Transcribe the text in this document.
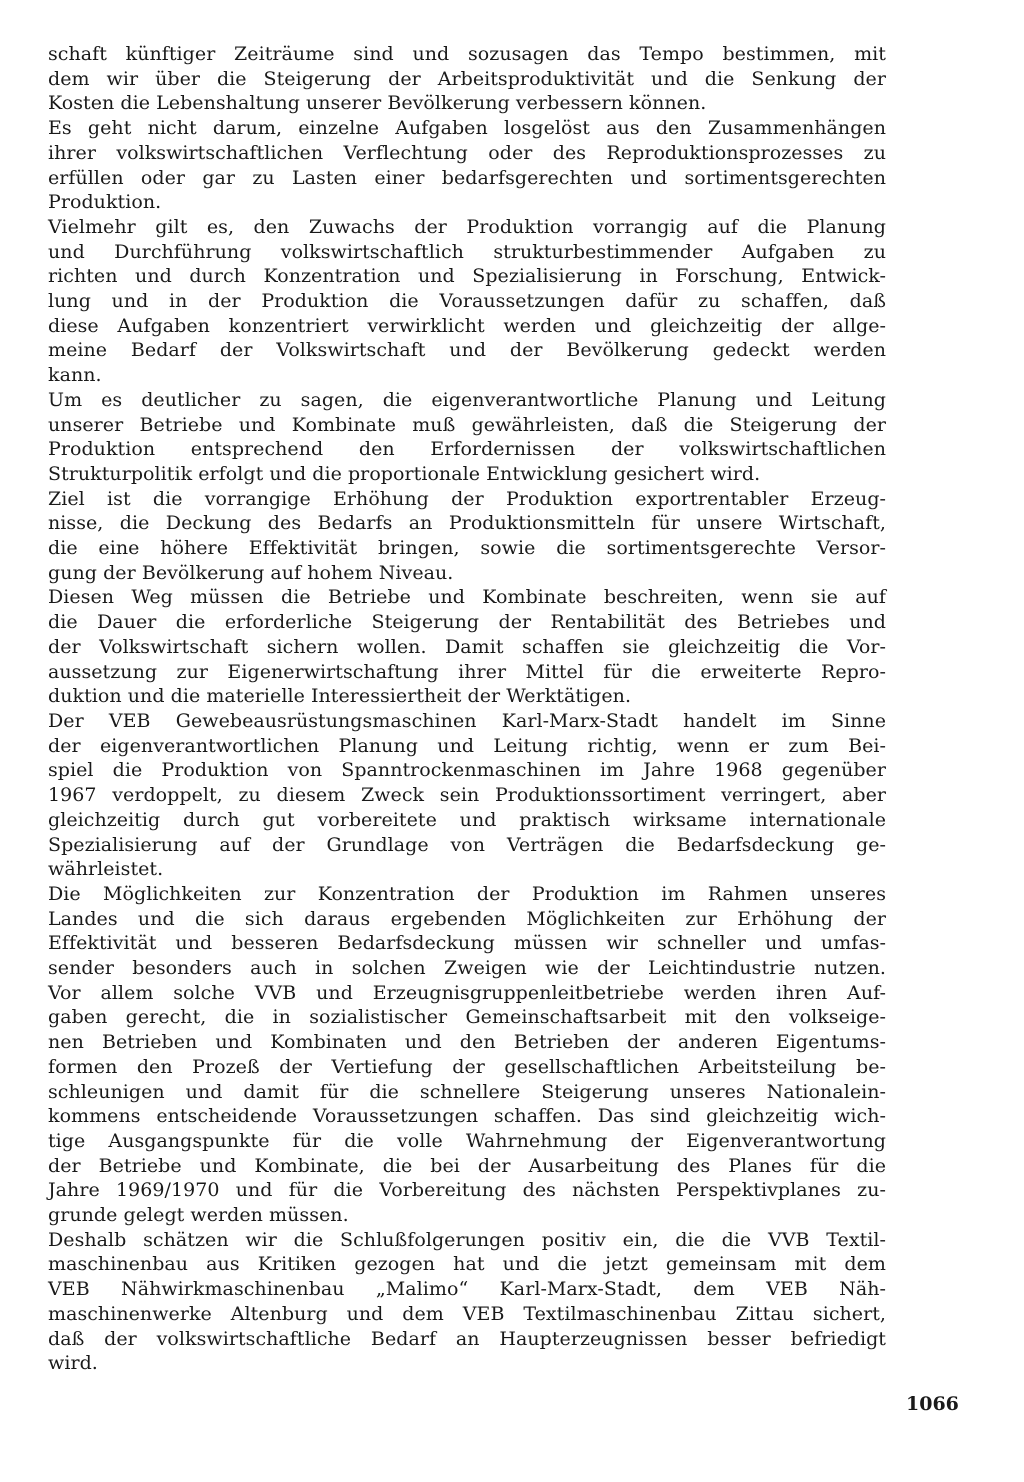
schaft künftiger Zeiträume sind und sozusagen das Tempo bestimmen, mit
dem wir über die Steigerung der Arbeitsproduktivität und die Senkung der
Kosten die Lebenshaltung unserer Bevölkerung verbessern können.
Es geht nicht darum, einzelne Aufgaben losgelöst aus den Zusammenhängen
ihrer volkswirtschaftlichen Verflechtung oder des Reproduktionsprozesses zu
erfüllen oder gar zu Lasten einer bedarfsgerechten und sortimentsgerechten
Produktion.
Vielmehr gilt es, den Zuwachs der Produktion vorrangig auf die Planung
und Durchführung volkswirtschaftlich strukturbestimmender Aufgaben zu
richten und durch Konzentration und Spezialisierung in Forschung, Entwick-
lung und in der Produktion die Voraussetzungen dafür zu schaffen, daß
diese Aufgaben konzentriert verwirklicht werden und gleichzeitig der allge-
meine Bedarf der Volkswirtschaft und der Bevölkerung gedeckt werden
kann.
Um es deutlicher zu sagen, die eigenverantwortliche Planung und Leitung
unserer Betriebe und Kombinate muß gewährleisten, daß die Steigerung der
Produktion entsprechend den Erfordernissen der volkswirtschaftlichen
Strukturpolitik erfolgt und die proportionale Entwicklung gesichert wird.
Ziel ist die vorrangige Erhöhung der Produktion exportrentabler Erzeug-
nisse, die Deckung des Bedarfs an Produktionsmitteln für unsere Wirtschaft,
die eine höhere Effektivität bringen, sowie die sortimentsgerechte Versor-
gung der Bevölkerung auf hohem Niveau.
Diesen Weg müssen die Betriebe und Kombinate beschreiten, wenn sie auf
die Dauer die erforderliche Steigerung der Rentabilität des Betriebes und
der Volkswirtschaft sichern wollen. Damit schaffen sie gleichzeitig die Vor-
aussetzung zur Eigenerwirtschaftung ihrer Mittel für die erweiterte Repro-
duktion und die materielle Interessiertheit der Werktätigen.
Der VEB Gewebeausrüstungsmaschinen Karl-Marx-Stadt handelt im Sinne
der eigenverantwortlichen Planung und Leitung richtig, wenn er zum Bei-
spiel die Produktion von Spanntrockenmaschinen im Jahre 1968 gegenüber
1967 verdoppelt, zu diesem Zweck sein Produktionssortiment verringert, aber
gleichzeitig durch gut vorbereitete und praktisch wirksame internationale
Spezialisierung auf der Grundlage von Verträgen die Bedarfsdeckung ge-
währleistet.
Die Möglichkeiten zur Konzentration der Produktion im Rahmen unseres
Landes und die sich daraus ergebenden Möglichkeiten zur Erhöhung der
Effektivität und besseren Bedarfsdeckung müssen wir schneller und umfas-
sender besonders auch in solchen Zweigen wie der Leichtindustrie nutzen.
Vor allem solche VVB und Erzeugnisgruppenleitbetriebe werden ihren Auf-
gaben gerecht, die in sozialistischer Gemeinschaftsarbeit mit den volkseige-
nen Betrieben und Kombinaten und den Betrieben der anderen Eigentums-
formen den Prozeß der Vertiefung der gesellschaftlichen Arbeitsteilung be-
schleunigen und damit für die schnellere Steigerung unseres Nationalein-
kommens entscheidende Voraussetzungen schaffen. Das sind gleichzeitig wich-
tige Ausgangspunkte für die volle Wahrnehmung der Eigenverantwortung
der Betriebe und Kombinate, die bei der Ausarbeitung des Planes für die
Jahre 1969/1970 und für die Vorbereitung des nächsten Perspektivplanes zu-
grunde gelegt werden müssen.
Deshalb schätzen wir die Schlußfolgerungen positiv ein, die die VVB Textil-
maschinenbau aus Kritiken gezogen hat und die jetzt gemeinsam mit dem
VEB Nähwirkmaschinenbau „Malimo“ Karl-Marx-Stadt, dem VEB Näh-
maschinenwerke Altenburg und dem VEB Textilmaschinenbau Zittau sichert,
daß der volkswirtschaftliche Bedarf an Haupterzeugnissen besser befriedigt
wird.
1066
